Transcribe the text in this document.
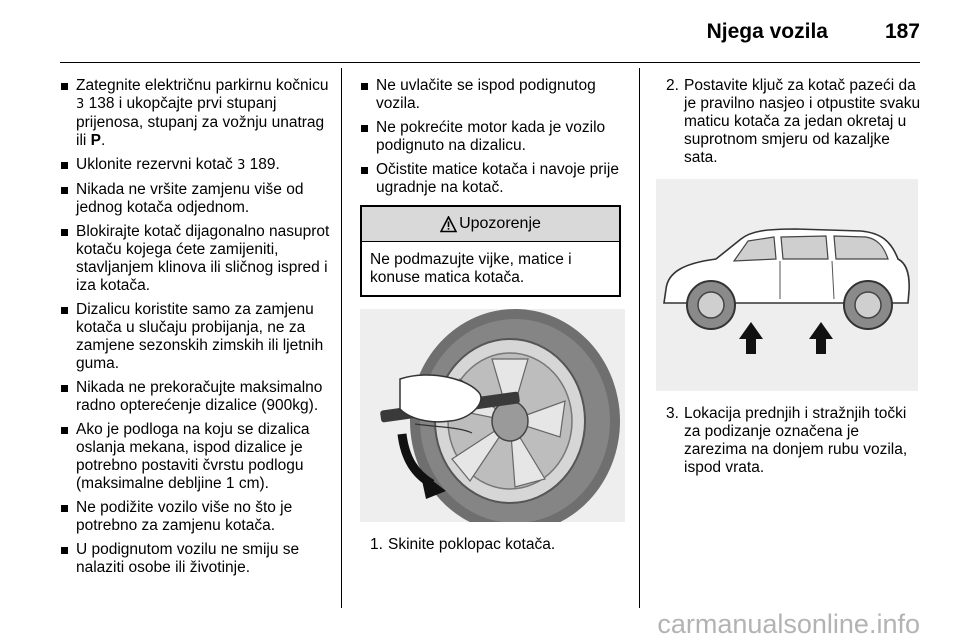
Njega vozila	187
Zategnite električnu parkirnu kočnicu 3 138 i ukopčajte prvi stupanj prijenosa, stupanj za vožnju unatrag ili P.
Uklonite rezervni kotač 3 189.
Nikada ne vršite zamjenu više od jednog kotača odjednom.
Blokirajte kotač dijagonalno nasuprot kotaču kojega ćete zamijeniti, stavljanjem klinova ili sličnog ispred i iza kotača.
Dizalicu koristite samo za zamjenu kotača u slučaju probijanja, ne za zamjene sezonskih zimskih ili ljetnih guma.
Nikada ne prekoračujte maksimalno radno opterećenje dizalice (900kg).
Ako je podloga na koju se dizalica oslanja mekana, ispod dizalice je potrebno postaviti čvrstu podlogu (maksimalne debljine 1 cm).
Ne podižite vozilo više no što je potrebno za zamjenu kotača.
U podignutom vozilu ne smiju se nalaziti osobe ili životinje.
Ne uvlačite se ispod podignutog vozila.
Ne pokrećite motor kada je vozilo podignuto na dizalicu.
Očistite matice kotača i navoje prije ugradnje na kotač.
Upozorenje
Ne podmazujte vijke, matice i konuse matica kotača.
1. Skinite poklopac kotača.
2. Postavite ključ za kotač pazeći da je pravilno nasjeo i otpustite svaku maticu kotača za jedan okretaj u suprotnom smjeru od kazaljke sata.
3. Lokacija prednjih i stražnjih točki za podizanje označena je zarezima na donjem rubu vozila, ispod vrata.
carmanualsonline.info
